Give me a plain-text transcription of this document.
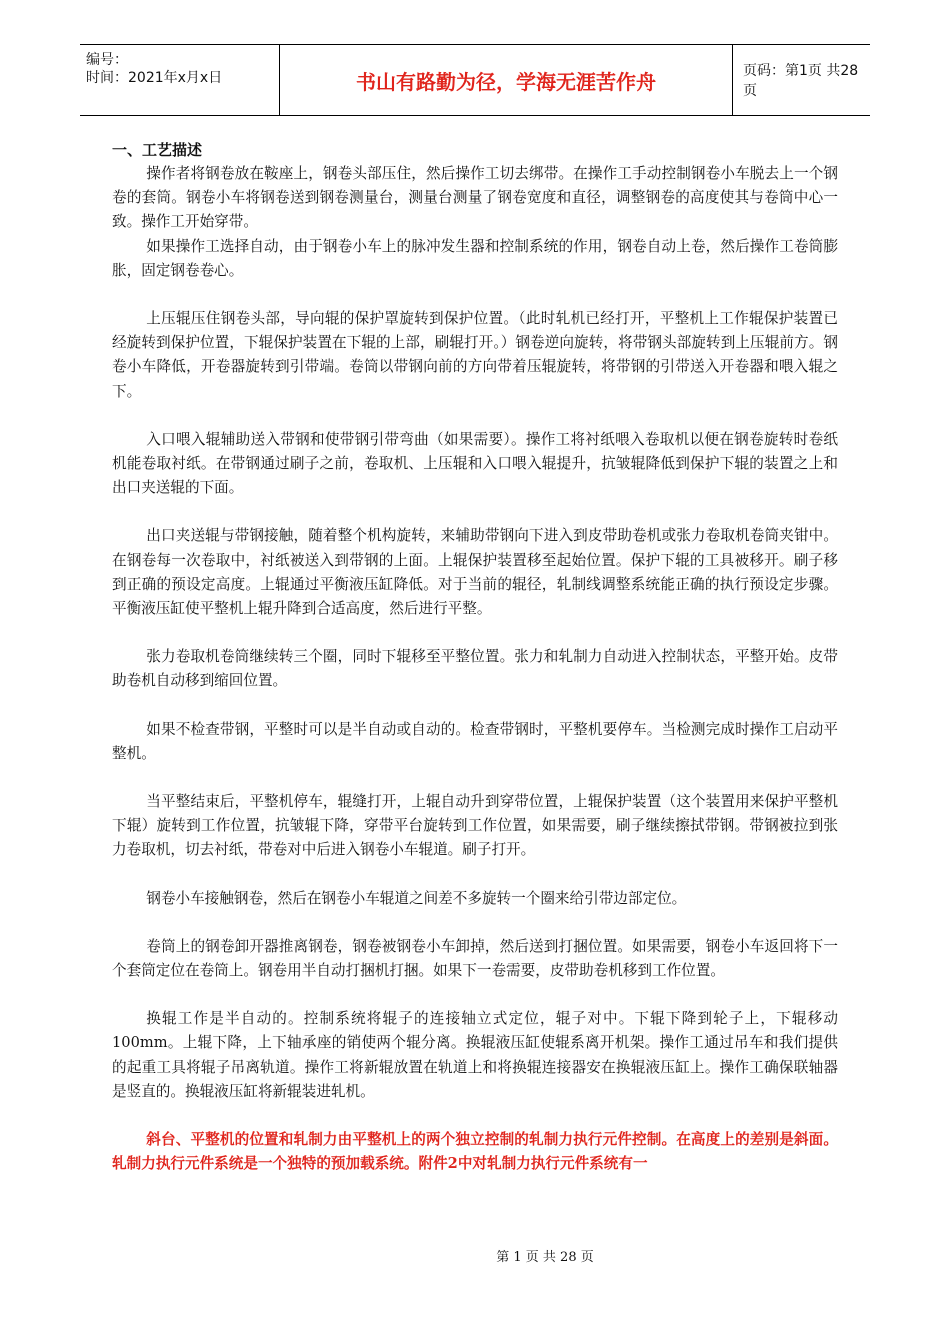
编号：
时间：2021年x月x日	书山有路勤为径，学海无涯苦作舟	页码：第1页 共28页

一、工艺描述

操作者将钢卷放在鞍座上，钢卷头部压住，然后操作工切去绑带。在操作工手动控制钢卷小车脱去上一个钢卷的套筒。钢卷小车将钢卷送到钢卷测量台，测量台测量了钢卷宽度和直径，调整钢卷的高度使其与卷筒中心一致。操作工开始穿带。

如果操作工选择自动，由于钢卷小车上的脉冲发生器和控制系统的作用，钢卷自动上卷，然后操作工卷筒膨胀，固定钢卷卷心。

上压辊压住钢卷头部，导向辊的保护罩旋转到保护位置。（此时轧机已经打开，平整机上工作辊保护装置已经旋转到保护位置，下辊保护装置在下辊的上部，刷辊打开。）钢卷逆向旋转，将带钢头部旋转到上压辊前方。钢卷小车降低，开卷器旋转到引带端。卷筒以带钢向前的方向带着压辊旋转，将带钢的引带送入开卷器和喂入辊之下。

入口喂入辊辅助送入带钢和使带钢引带弯曲（如果需要）。操作工将衬纸喂入卷取机以便在钢卷旋转时卷纸机能卷取衬纸。在带钢通过刷子之前，卷取机、上压辊和入口喂入辊提升，抗皱辊降低到保护下辊的装置之上和出口夹送辊的下面。

出口夹送辊与带钢接触，随着整个机构旋转，来辅助带钢向下进入到皮带助卷机或张力卷取机卷筒夹钳中。在钢卷每一次卷取中，衬纸被送入到带钢的上面。上辊保护装置移至起始位置。保护下辊的工具被移开。刷子移到正确的预设定高度。上辊通过平衡液压缸降低。对于当前的辊径，轧制线调整系统能正确的执行预设定步骤。平衡液压缸使平整机上辊升降到合适高度，然后进行平整。

张力卷取机卷筒继续转三个圈，同时下辊移至平整位置。张力和轧制力自动进入控制状态，平整开始。皮带助卷机自动移到缩回位置。

如果不检查带钢，平整时可以是半自动或自动的。检查带钢时，平整机要停车。当检测完成时操作工启动平整机。

当平整结束后，平整机停车，辊缝打开，上辊自动升到穿带位置，上辊保护装置（这个装置用来保护平整机下辊）旋转到工作位置，抗皱辊下降，穿带平台旋转到工作位置，如果需要，刷子继续擦拭带钢。带钢被拉到张力卷取机，切去衬纸，带卷对中后进入钢卷小车辊道。刷子打开。

钢卷小车接触钢卷，然后在钢卷小车辊道之间差不多旋转一个圈来给引带边部定位。

卷筒上的钢卷卸开器推离钢卷，钢卷被钢卷小车卸掉，然后送到打捆位置。如果需要，钢卷小车返回将下一个套筒定位在卷筒上。钢卷用半自动打捆机打捆。如果下一卷需要，皮带助卷机移到工作位置。

换辊工作是半自动的。控制系统将辊子的连接轴立式定位，辊子对中。下辊下降到轮子上，下辊移动100mm。上辊下降，上下轴承座的销使两个辊分离。换辊液压缸使辊系离开机架。操作工通过吊车和我们提供的起重工具将辊子吊离轨道。操作工将新辊放置在轨道上和将换辊连接器安在换辊液压缸上。操作工确保联轴器是竖直的。换辊液压缸将新辊装进轧机。

斜台、平整机的位置和轧制力由平整机上的两个独立控制的轧制力执行元件控制。在高度上的差别是斜面。轧制力执行元件系统是一个独特的预加载系统。附件2中对轧制力执行元件系统有一

第 1 页 共 28 页
